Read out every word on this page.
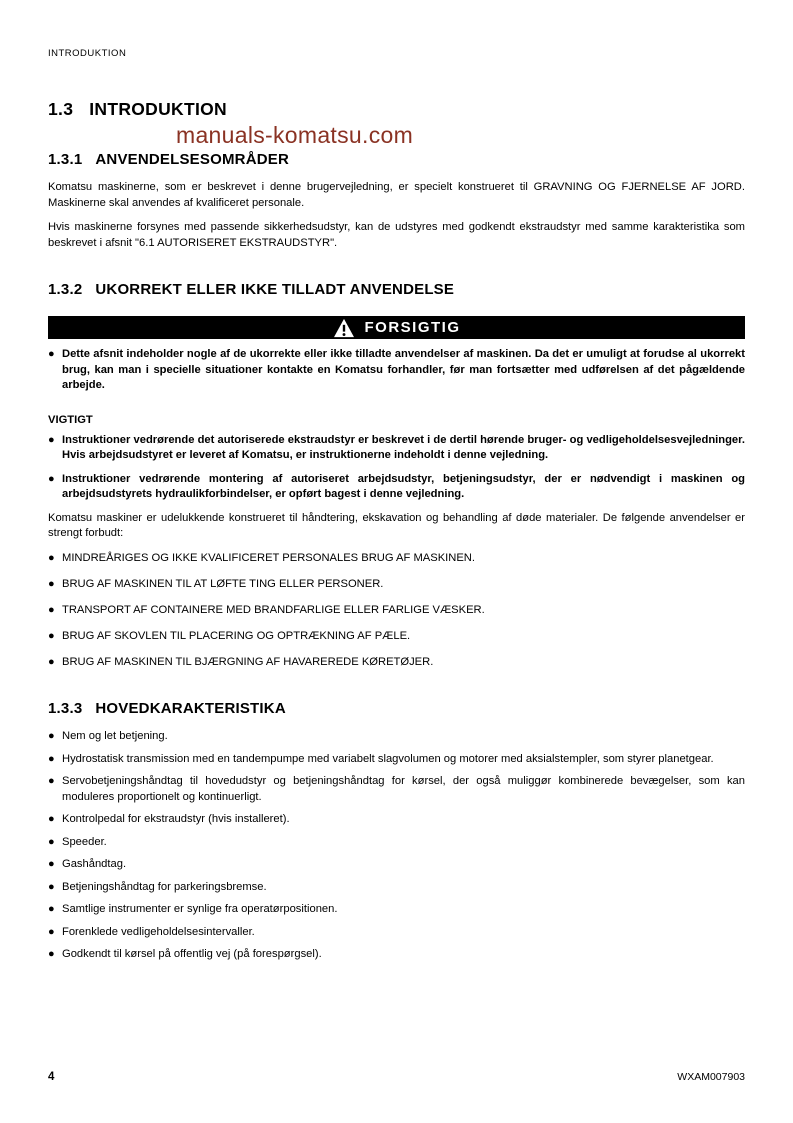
INTRODUKTION
1.3 INTRODUKTION
manuals-komatsu.com
1.3.1 ANVENDELSESOMRÅDER

Komatsu maskinerne, som er beskrevet i denne brugervejledning, er specielt konstrueret til GRAVNING OG FJERNELSE AF JORD. Maskinerne skal anvendes af kvalificeret personale.

Hvis maskinerne forsynes med passende sikkerhedsudstyr, kan de udstyres med godkendt ekstraudstyr med samme karakteristika som beskrevet i afsnit "6.1 AUTORISERET EKSTRAUDSTYR".

1.3.2 UKORREKT ELLER IKKE TILLADT ANVENDELSE
FORSIGTIG
● Dette afsnit indeholder nogle af de ukorrekte eller ikke tilladte anvendelser af maskinen. Da det er umuligt at forudse al ukorrekt brug, kan man i specielle situationer kontakte en Komatsu forhandler, før man fortsætter med udførelsen af det pågældende arbejde.
VIGTIGT
● Instruktioner vedrørende det autoriserede ekstraudstyr er beskrevet i de dertil hørende bruger- og vedligeholdelsesvejledninger. Hvis arbejdsudstyret er leveret af Komatsu, er instruktionerne indeholdt i denne vejledning.
● Instruktioner vedrørende montering af autoriseret arbejdsudstyr, betjeningsudstyr, der er nødvendigt i maskinen og arbejdsudstyrets hydraulikforbindelser, er opført bagest i denne vejledning.

Komatsu maskiner er udelukkende konstrueret til håndtering, ekskavation og behandling af døde materialer. De følgende anvendelser er strengt forbudt:

● MINDREÅRIGES OG IKKE KVALIFICERET PERSONALES BRUG AF MASKINEN.
● BRUG AF MASKINEN TIL AT LØFTE TING ELLER PERSONER.
● TRANSPORT AF CONTAINERE MED BRANDFARLIGE ELLER FARLIGE VÆSKER.
● BRUG AF SKOVLEN TIL PLACERING OG OPTRÆKNING AF PÆLE.
● BRUG AF MASKINEN TIL BJÆRGNING AF HAVAREREDE KØRETØJER.
1.3.3 HOVEDKARAKTERISTIKA
● Nem og let betjening.
● Hydrostatisk transmission med en tandempumpe med variabelt slagvolumen og motorer med aksialstempler, som styrer planetgear.
● Servobetjeningshåndtag til hovedudstyr og betjeningshåndtag for kørsel, der også muliggør kombinerede bevægelser, som kan moduleres proportionelt og kontinuerligt.
● Kontrolpedal for ekstraudstyr (hvis installeret).
● Speeder.
● Gashåndtag.
● Betjeningshåndtag for parkeringsbremse.
● Samtlige instrumenter er synlige fra operatørpositionen.
● Forenklede vedligeholdelsesintervaller.
● Godkendt til kørsel på offentlig vej (på forespørgsel).
4	WXAM007903
